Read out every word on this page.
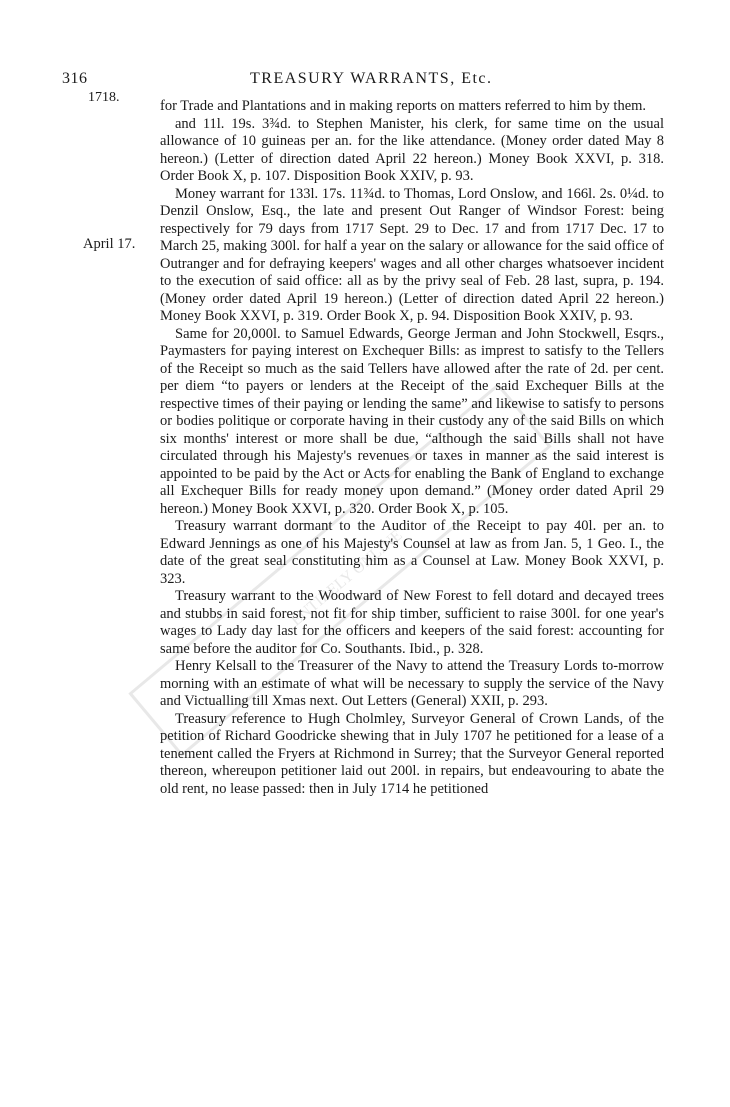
ENTIRELY ONLINE
316	TREASURY WARRANTS, Etc.
1718.
April 17.

for Trade and Plantations and in making reports on matters referred to him by them.

and 11l. 19s. 3¾d. to Stephen Manister, his clerk, for same time on the usual allowance of 10 guineas per an. for the like attendance. (Money order dated May 8 hereon.) (Letter of direction dated April 22 hereon.) Money Book XXVI, p. 318. Order Book X, p. 107. Disposition Book XXIV, p. 93.

Money warrant for 133l. 17s. 11¾d. to Thomas, Lord Onslow, and 166l. 2s. 0¼d. to Denzil Onslow, Esq., the late and present Out Ranger of Windsor Forest: being respectively for 79 days from 1717 Sept. 29 to Dec. 17 and from 1717 Dec. 17 to March 25, making 300l. for half a year on the salary or allowance for the said office of Outranger and for defraying keepers' wages and all other charges whatsoever incident to the execution of said office: all as by the privy seal of Feb. 28 last, supra, p. 194. (Money order dated April 19 hereon.) (Letter of direction dated April 22 hereon.) Money Book XXVI, p. 319. Order Book X, p. 94. Disposition Book XXIV, p. 93.

Same for 20,000l. to Samuel Edwards, George Jerman and John Stockwell, Esqrs., Paymasters for paying interest on Exchequer Bills: as imprest to satisfy to the Tellers of the Receipt so much as the said Tellers have allowed after the rate of 2d. per cent. per diem “to payers or lenders at the Receipt of the said Exchequer Bills at the respective times of their paying or lending the same” and likewise to satisfy to persons or bodies politique or corporate having in their custody any of the said Bills on which six months' interest or more shall be due, “although the said Bills shall not have circulated through his Majesty's revenues or taxes in manner as the said interest is appointed to be paid by the Act or Acts for enabling the Bank of England to exchange all Exchequer Bills for ready money upon demand.” (Money order dated April 29 hereon.) Money Book XXVI, p. 320. Order Book X, p. 105.

Treasury warrant dormant to the Auditor of the Receipt to pay 40l. per an. to Edward Jennings as one of his Majesty's Counsel at law as from Jan. 5, 1 Geo. I., the date of the great seal constituting him as a Counsel at Law. Money Book XXVI, p. 323.

Treasury warrant to the Woodward of New Forest to fell dotard and decayed trees and stubbs in said forest, not fit for ship timber, sufficient to raise 300l. for one year's wages to Lady day last for the officers and keepers of the said forest: accounting for same before the auditor for Co. Southants. Ibid., p. 328.

Henry Kelsall to the Treasurer of the Navy to attend the Treasury Lords to-morrow morning with an estimate of what will be necessary to supply the service of the Navy and Victualling till Xmas next. Out Letters (General) XXII, p. 293.

Treasury reference to Hugh Cholmley, Surveyor General of Crown Lands, of the petition of Richard Goodricke shewing that in July 1707 he petitioned for a lease of a tenement called the Fryers at Richmond in Surrey; that the Surveyor General reported thereon, whereupon petitioner laid out 200l. in repairs, but endeavouring to abate the old rent, no lease passed: then in July 1714 he petitioned
